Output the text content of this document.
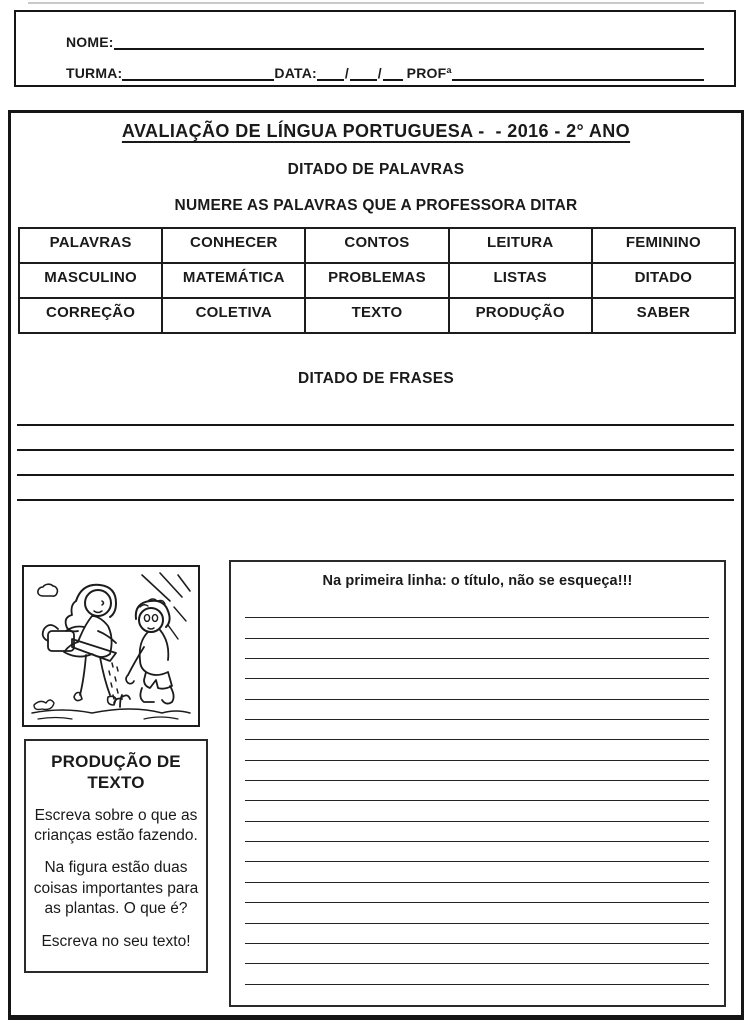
NOME:
TURMA:	DATA: / / PROFª
AVALIAÇÃO DE LÍNGUA PORTUGUESA -  - 2016 - 2° ANO
DITADO DE PALAVRAS
NUMERE AS PALAVRAS QUE A PROFESSORA DITAR
PALAVRAS	CONHECER	CONTOS	LEITURA	FEMININO
MASCULINO	MATEMÁTICA	PROBLEMAS	LISTAS	DITADO
CORREÇÃO	COLETIVA	TEXTO	PRODUÇÃO	SABER
DITADO DE FRASES
PRODUÇÃO DE TEXTO

Escreva sobre o que as crianças estão fazendo.

Na figura estão duas coisas importantes para as plantas. O que é?

Escreva no seu texto!

Na primeira linha: o título, não se esqueça!!!
